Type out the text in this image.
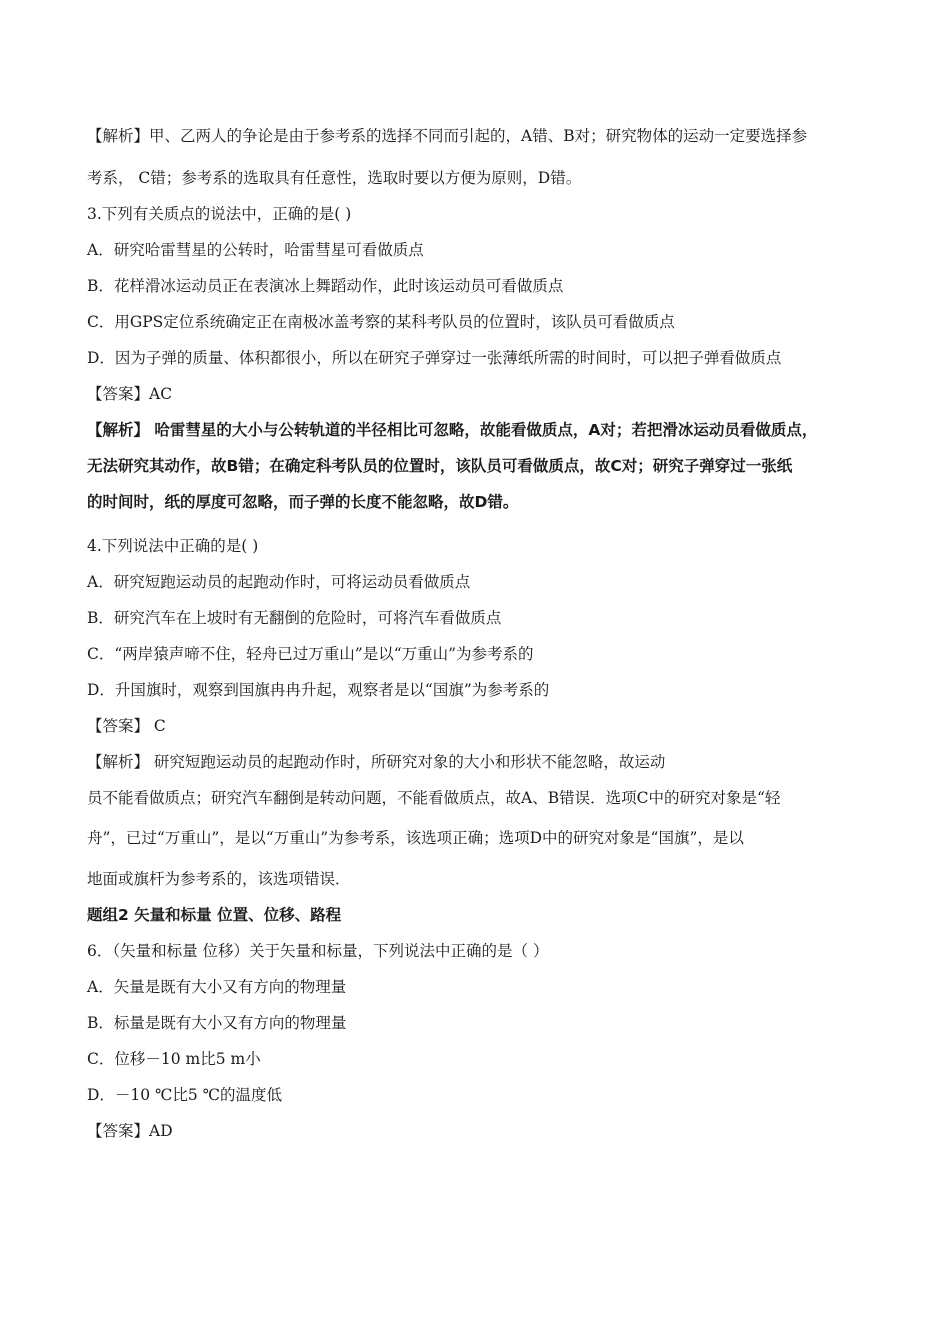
【解析】甲、乙两人的争论是由于参考系的选择不同而引起的，A错、B对；研究物体的运动一定要选择参
考系， C错；参考系的选取具有任意性，选取时要以方便为原则，D错。
3.下列有关质点的说法中，正确的是( )
A．研究哈雷彗星的公转时，哈雷彗星可看做质点
B．花样滑冰运动员正在表演冰上舞蹈动作，此时该运动员可看做质点
C．用GPS定位系统确定正在南极冰盖考察的某科考队员的位置时，该队员可看做质点
D．因为子弹的质量、体积都很小，所以在研究子弹穿过一张薄纸所需的时间时，可以把子弹看做质点
【答案】AC
【解析】 哈雷彗星的大小与公转轨道的半径相比可忽略，故能看做质点，A对；若把滑冰运动员看做质点，
无法研究其动作，故B错；在确定科考队员的位置时，该队员可看做质点，故C对；研究子弹穿过一张纸
的时间时，纸的厚度可忽略，而子弹的长度不能忽略，故D错。
4.下列说法中正确的是( )
A．研究短跑运动员的起跑动作时，可将运动员看做质点
B．研究汽车在上坡时有无翻倒的危险时，可将汽车看做质点
C．“两岸猿声啼不住，轻舟已过万重山”是以“万重山”为参考系的
D．升国旗时，观察到国旗冉冉升起，观察者是以“国旗”为参考系的
【答案】 C
【解析】 研究短跑运动员的起跑动作时，所研究对象的大小和形状不能忽略，故运动
员不能看做质点；研究汽车翻倒是转动问题，不能看做质点，故A、B错误．选项C中的研究对象是“轻
舟”，已过“万重山”，是以“万重山”为参考系，该选项正确；选项D中的研究对象是“国旗”，是以
地面或旗杆为参考系的，该选项错误．
题组2 矢量和标量 位置、位移、路程
6．（矢量和标量 位移）关于矢量和标量，下列说法中正确的是（ ）
A．矢量是既有大小又有方向的物理量
B．标量是既有大小又有方向的物理量
C．位移－10 m比5 m小
D．－10 ℃比5 ℃的温度低
【答案】AD
